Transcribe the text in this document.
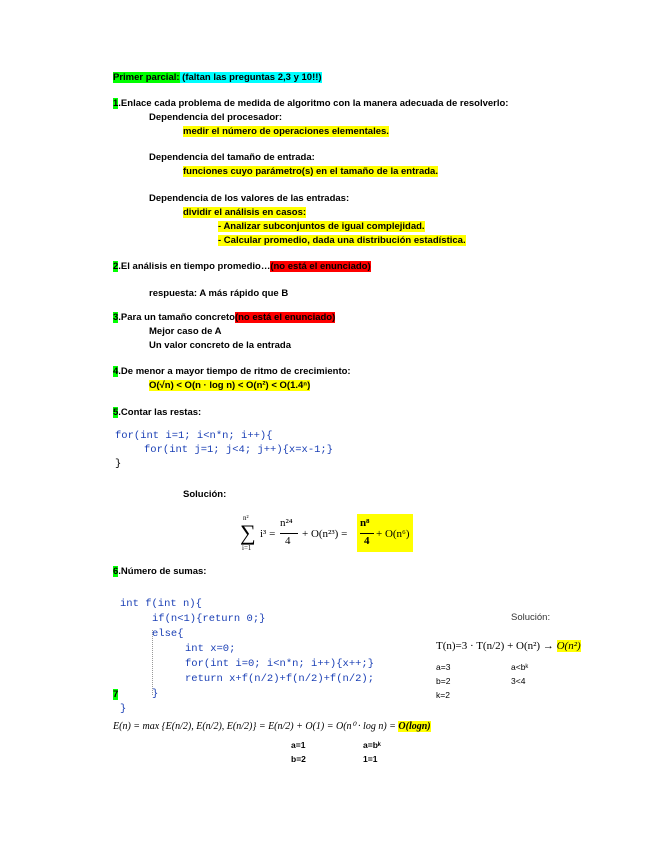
Primer parcial: (faltan las preguntas 2,3 y 10!!)
1.Enlace cada problema de medida de algoritmo con la manera adecuada de resolverlo:
Dependencia del procesador:
medir el número de operaciones elementales.
Dependencia del tamaño de entrada:
funciones cuyo parámetro(s) en el tamaño de la entrada.
Dependencia de los valores de las entradas:
dividir el análisis en casos:
- Analizar subconjuntos de igual complejidad.
- Calcular promedio, dada una distribución estadística.
2.El análisis en tiempo promedio…(no está el enunciado)
respuesta: A más rápido que B
3.Para un tamaño concreto(no está el enunciado)
Mejor caso de A
Un valor concreto de la entrada
4.De menor a mayor tiempo de ritmo de crecimiento:
O(√n) < O(n · log n) < O(n²) < O(1.4ⁿ)
5.Contar las restas:
for(int i=1; i<n*n; i++){
for(int j=1; j<4; j++){x=x-1;}
}
Solución:
n²
∑
i=1
i³ =
n²⁴
4
+ O(n²³) =
n⁸
4
+ O(n⁶)
6.Número de sumas:
int f(int n){
if(n<1){return 0;}
else{
int x=0;
for(int i=0; i<n*n; i++){x++;}
return x+f(n/2)+f(n/2)+f(n/2);
}
7
}
Solución:
T(n)=3 · T(n/2) + O(n²) → O(n²)
a=3
b=2
k=2
a<bᵏ
3<4
E(n) = max {E(n/2), E(n/2), E(n/2)} = E(n/2) + O(1) = O(n⁰ · log n) = O(logn)
a=1
b=2
a=bᵏ
1=1
